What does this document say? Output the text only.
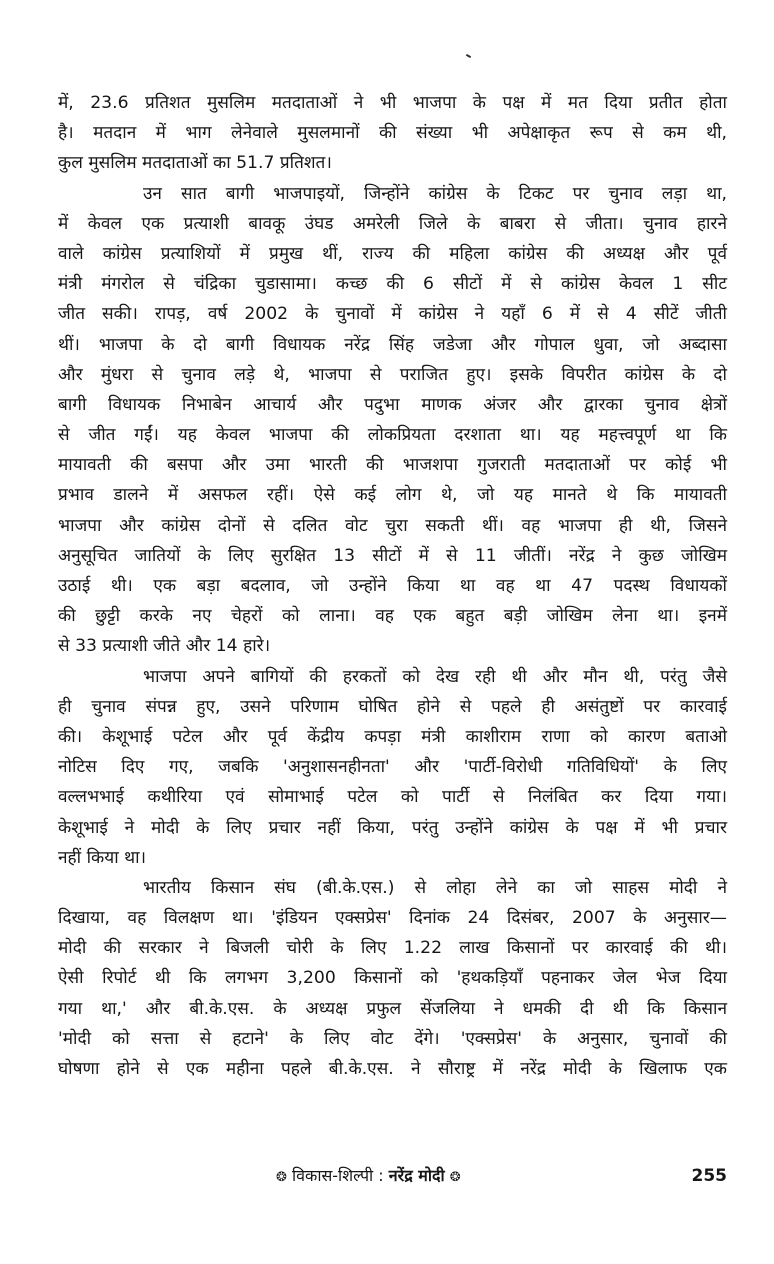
में, 23.6 प्रतिशत मुसलिम मतदाताओं ने भी भाजपा के पक्ष में मत दिया प्रतीत होता
है। मतदान में भाग लेनेवाले मुसलमानों की संख्या भी अपेक्षाकृत रूप से कम थी,
कुल मुसलिम मतदाताओं का 51.7 प्रतिशत।
उन सात बागी भाजपाइयों, जिन्होंने कांग्रेस के टिकट पर चुनाव लड़ा था,
में केवल एक प्रत्याशी बावकू उंघड अमरेली जिले के बाबरा से जीता। चुनाव हारने
वाले कांग्रेस प्रत्याशियों में प्रमुख थीं, राज्य की महिला कांग्रेस की अध्यक्ष और पूर्व
मंत्री मंगरोल से चंद्रिका चुडासामा। कच्छ की 6 सीटों में से कांग्रेस केवल 1 सीट
जीत सकी। रापड़, वर्ष 2002 के चुनावों में कांग्रेस ने यहाँ 6 में से 4 सीटें जीती
थीं। भाजपा के दो बागी विधायक नरेंद्र सिंह जडेजा और गोपाल धुवा, जो अब्दासा
और मुंधरा से चुनाव लड़े थे, भाजपा से पराजित हुए। इसके विपरीत कांग्रेस के दो
बागी विधायक निभाबेन आचार्य और पदुभा माणक अंजर और द्वारका चुनाव क्षेत्रों
से जीत गईं। यह केवल भाजपा की लोकप्रियता दरशाता था। यह महत्त्वपूर्ण था कि
मायावती की बसपा और उमा भारती की भाजशपा गुजराती मतदाताओं पर कोई भी
प्रभाव डालने में असफल रहीं। ऐसे कई लोग थे, जो यह मानते थे कि मायावती
भाजपा और कांग्रेस दोनों से दलित वोट चुरा सकती थीं। वह भाजपा ही थी, जिसने
अनुसूचित जातियों के लिए सुरक्षित 13 सीटों में से 11 जीतीं। नरेंद्र ने कुछ जोखिम
उठाई थी। एक बड़ा बदलाव, जो उन्होंने किया था वह था 47 पदस्थ विधायकों
की छुट्टी करके नए चेहरों को लाना। वह एक बहुत बड़ी जोखिम लेना था। इनमें
से 33 प्रत्याशी जीते और 14 हारे।
भाजपा अपने बागियों की हरकतों को देख रही थी और मौन थी, परंतु जैसे
ही चुनाव संपन्न हुए, उसने परिणाम घोषित होने से पहले ही असंतुष्टों पर कारवाई
की। केशूभाई पटेल और पूर्व केंद्रीय कपड़ा मंत्री काशीराम राणा को कारण बताओ
नोटिस दिए गए, जबकि 'अनुशासनहीनता' और 'पार्टी-विरोधी गतिविधियों' के लिए
वल्लभभाई कथीरिया एवं सोमाभाई पटेल को पार्टी से निलंबित कर दिया गया।
केशूभाई ने मोदी के लिए प्रचार नहीं किया, परंतु उन्होंने कांग्रेस के पक्ष में भी प्रचार
नहीं किया था।
भारतीय किसान संघ (बी.के.एस.) से लोहा लेने का जो साहस मोदी ने
दिखाया, वह विलक्षण था। 'इंडियन एक्सप्रेस' दिनांक 24 दिसंबर, 2007 के अनुसार—
मोदी की सरकार ने बिजली चोरी के लिए 1.22 लाख किसानों पर कारवाई की थी।
ऐसी रिपोर्ट थी कि लगभग 3,200 किसानों को 'हथकड़ियाँ पहनाकर जेल भेज दिया
गया था,' और बी.के.एस. के अध्यक्ष प्रफुल सेंजलिया ने धमकी दी थी कि किसान
'मोदी को सत्ता से हटाने' के लिए वोट देंगे। 'एक्सप्रेस' के अनुसार, चुनावों की
घोषणा होने से एक महीना पहले बी.के.एस. ने सौराष्ट्र में नरेंद्र मोदी के खिलाफ एक
❂ विकास-शिल्पी : नरेंद्र मोदी ❂	255
